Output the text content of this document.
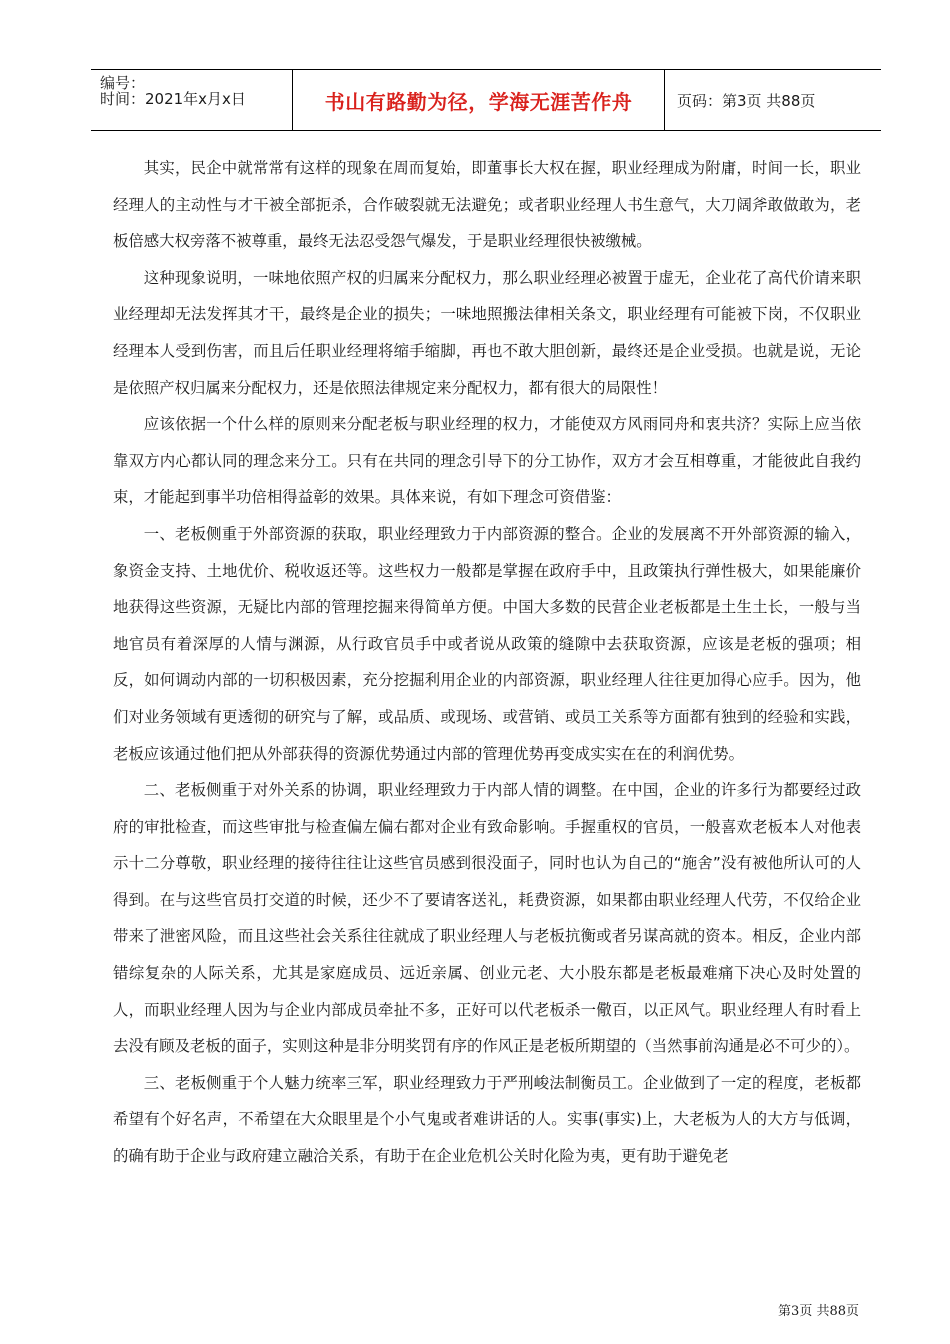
编号：
时间：2021年x月x日	书山有路勤为径，学海无涯苦作舟	页码：第3页 共88页

其实，民企中就常常有这样的现象在周而复始，即董事长大权在握，职业经理成为附庸，时间一长，职业经理人的主动性与才干被全部扼杀，合作破裂就无法避免；或者职业经理人书生意气，大刀阔斧敢做敢为，老板倍感大权旁落不被尊重，最终无法忍受怨气爆发，于是职业经理很快被缴械。

这种现象说明，一味地依照产权的归属来分配权力，那么职业经理必被置于虚无，企业花了高代价请来职业经理却无法发挥其才干，最终是企业的损失；一味地照搬法律相关条文，职业经理有可能被下岗，不仅职业经理本人受到伤害，而且后任职业经理将缩手缩脚，再也不敢大胆创新，最终还是企业受损。也就是说，无论是依照产权归属来分配权力，还是依照法律规定来分配权力，都有很大的局限性！

应该依据一个什么样的原则来分配老板与职业经理的权力，才能使双方风雨同舟和衷共济？实际上应当依靠双方内心都认同的理念来分工。只有在共同的理念引导下的分工协作，双方才会互相尊重，才能彼此自我约束，才能起到事半功倍相得益彰的效果。具体来说，有如下理念可资借鉴：

一、老板侧重于外部资源的获取，职业经理致力于内部资源的整合。企业的发展离不开外部资源的输入，象资金支持、土地优价、税收返还等。这些权力一般都是掌握在政府手中，且政策执行弹性极大，如果能廉价地获得这些资源，无疑比内部的管理挖掘来得简单方便。中国大多数的民营企业老板都是土生土长，一般与当地官员有着深厚的人情与渊源，从行政官员手中或者说从政策的缝隙中去获取资源，应该是老板的强项；相反，如何调动内部的一切积极因素，充分挖掘利用企业的内部资源，职业经理人往往更加得心应手。因为，他们对业务领域有更透彻的研究与了解，或品质、或现场、或营销、或员工关系等方面都有独到的经验和实践，老板应该通过他们把从外部获得的资源优势通过内部的管理优势再变成实实在在的利润优势。

二、老板侧重于对外关系的协调，职业经理致力于内部人情的调整。在中国，企业的许多行为都要经过政府的审批检查，而这些审批与检查偏左偏右都对企业有致命影响。手握重权的官员，一般喜欢老板本人对他表示十二分尊敬，职业经理的接待往往让这些官员感到很没面子，同时也认为自己的“施舍”没有被他所认可的人得到。在与这些官员打交道的时候，还少不了要请客送礼，耗费资源，如果都由职业经理人代劳，不仅给企业带来了泄密风险，而且这些社会关系往往就成了职业经理人与老板抗衡或者另谋高就的资本。相反，企业内部错综复杂的人际关系，尤其是家庭成员、远近亲属、创业元老、大小股东都是老板最难痛下决心及时处置的人，而职业经理人因为与企业内部成员牵扯不多，正好可以代老板杀一儆百，以正风气。职业经理人有时看上去没有顾及老板的面子，实则这种是非分明奖罚有序的作风正是老板所期望的（当然事前沟通是必不可少的）。

三、老板侧重于个人魅力统率三军，职业经理致力于严刑峻法制衡员工。企业做到了一定的程度，老板都希望有个好名声，不希望在大众眼里是个小气鬼或者难讲话的人。实事(事实)上，大老板为人的大方与低调，的确有助于企业与政府建立融洽关系，有助于在企业危机公关时化险为夷，更有助于避免老

第3页 共88页
